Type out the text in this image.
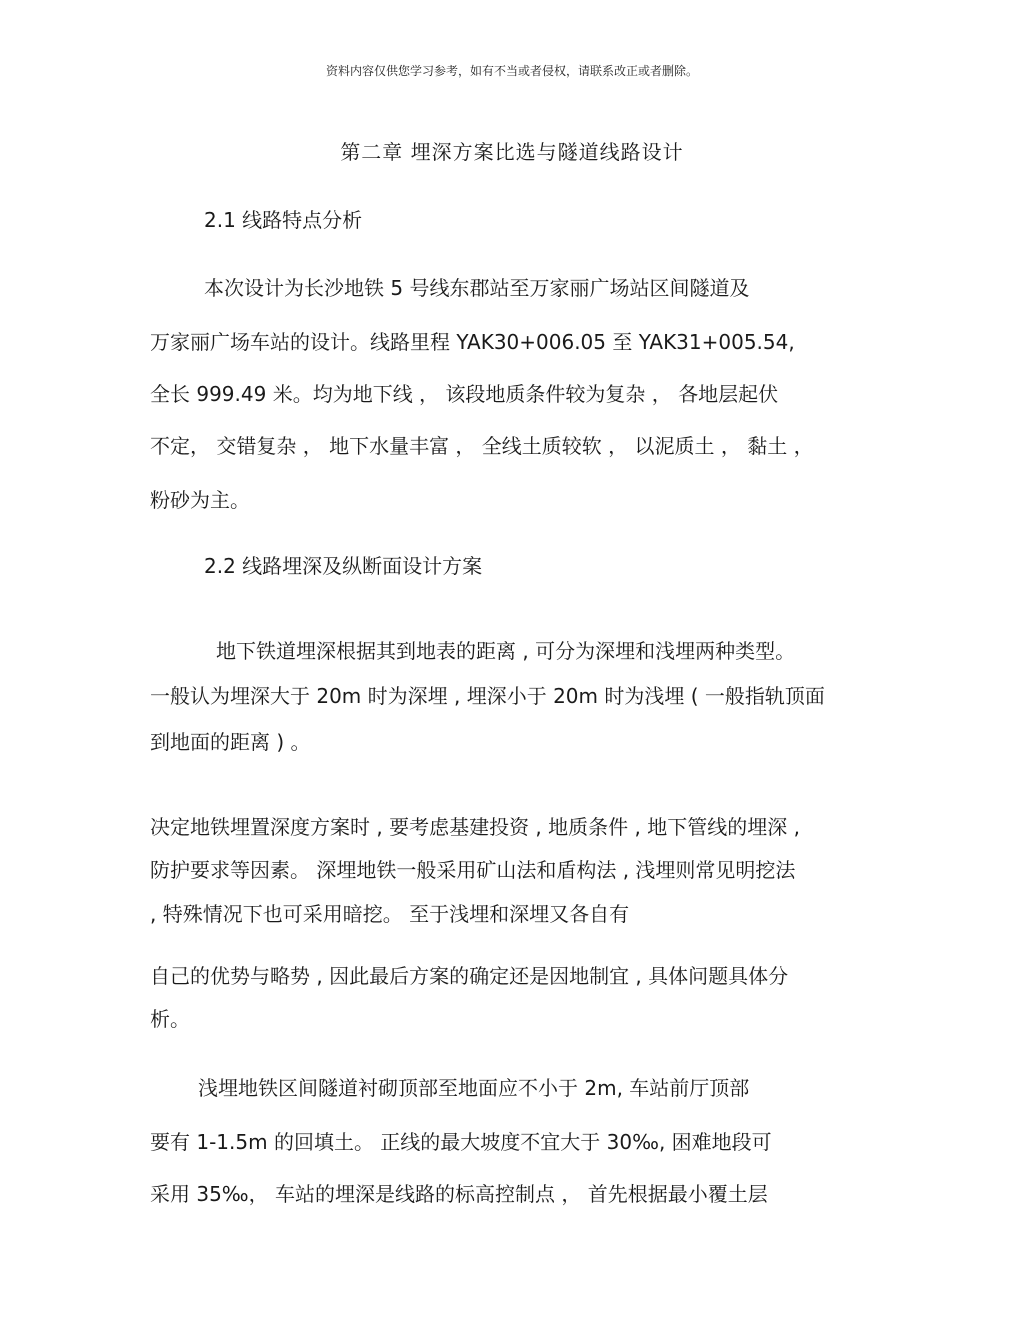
资料内容仅供您学习参考，如有不当或者侵权，请联系改正或者删除。
第二章 埋深方案比选与隧道线路设计
2.1 线路特点分析
本次设计为长沙地铁 5 号线东郡站至万家丽广场站区间隧道及
万家丽广场车站的设计。线路里程 YAK30+006.05 至 YAK31+005.54,
全长 999.49 米。均为地下线 ， 该段地质条件较为复杂 ， 各地层起伏
不定， 交错复杂 ， 地下水量丰富 ， 全线土质较软 ， 以泥质土 ， 黏土 ，
粉砂为主。
2.2 线路埋深及纵断面设计方案
地下铁道埋深根据其到地表的距离 , 可分为深埋和浅埋两种类型。
一般认为埋深大于 20m 时为深埋 , 埋深小于 20m 时为浅埋 ( 一般指轨顶面
到地面的距离 ) 。
决定地铁埋置深度方案时 , 要考虑基建投资 , 地质条件 , 地下管线的埋深 ,
防护要求等因素。 深埋地铁一般采用矿山法和盾构法 , 浅埋则常见明挖法
, 特殊情况下也可采用暗挖。 至于浅埋和深埋又各自有
自己的优势与略势 , 因此最后方案的确定还是因地制宜 , 具体问题具体分
析。
浅埋地铁区间隧道衬砌顶部至地面应不小于 2m, 车站前厅顶部
要有 1-1.5m 的回填土。 正线的最大坡度不宜大于 30‰, 困难地段可
采用 35‰， 车站的埋深是线路的标高控制点 ， 首先根据最小覆土层
